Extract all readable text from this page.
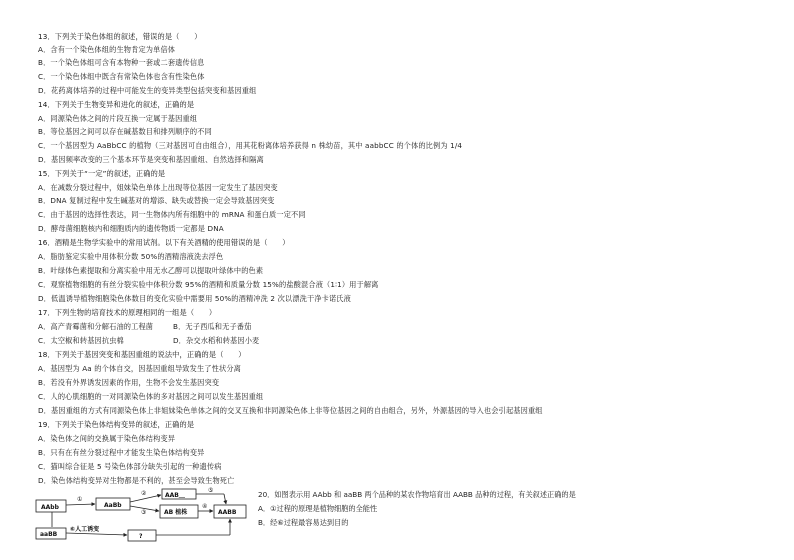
13．下列关于染色体组的叙述，错误的是（　　）
A．含有一个染色体组的生物肯定为单倍体
B．一个染色体组可含有本物种一套或二套遗传信息
C．一个染色体组中既含有常染色体也含有性染色体
D．花药离体培养的过程中可能发生的变异类型包括突变和基因重组
14．下列关于生物变异和进化的叙述，正确的是
A．同源染色体之间的片段互换一定属于基因重组
B．等位基因之间可以存在碱基数目和排列顺序的不同
C．一个基因型为 AaBbCC 的植物（三对基因可自由组合），用其花粉离体培养获得 n 株幼苗，其中 aabbCC 的个体的比例为 1/4
D．基因频率改变的三个基本环节是突变和基因重组、自然选择和隔离
15．下列关于“一定”的叙述，正确的是
A．在减数分裂过程中，姐妹染色单体上出现等位基因一定发生了基因突变
B．DNA 复制过程中发生碱基对的增添、缺失或替换一定会导致基因突变
C．由于基因的选择性表达，同一生物体内所有细胞中的 mRNA 和蛋白质一定不同
D．酵母菌细胞核内和细胞质内的遗传物质一定都是 DNA
16．酒精是生物学实验中的常用试剂。以下有关酒精的使用错误的是（　　）
A．脂肪鉴定实验中用体积分数 50%的酒精溶液洗去浮色
B．叶绿体色素提取和分离实验中用无水乙醇可以提取叶绿体中的色素
C．观察植物细胞的有丝分裂实验中体积分数 95%的酒精和质量分数 15%的盐酸混合液（1∶1）用于解离
D．低温诱导植物细胞染色体数目的变化实验中需要用 50%的酒精冲洗 2 次以漂洗干净卡诺氏液
17．下列生物的培育技术的原理相同的一组是（　　）
A．高产青霉菌和分解石油的工程菌	B．无子西瓜和无子番茄
C．太空椒和转基因抗虫棉	D．杂交水稻和转基因小麦
18．下列关于基因突变和基因重组的说法中，正确的是（　　）
A．基因型为 Aa 的个体自交，因基因重组导致发生了性状分离
B．若没有外界诱发因素的作用，生物不会发生基因突变
C．人的心肌细胞的一对同源染色体的多对基因之间可以发生基因重组
D．基因重组的方式有同源染色体上非姐妹染色单体之间的交叉互换和非同源染色体上非等位基因之间的自由组合，另外，外源基因的导入也会引起基因重组
19．下列关于染色体结构变异的叙述，正确的是
A．染色体之间的交换属于染色体结构变异
B．只有在有丝分裂过程中才能发生染色体结构变异
C．猫叫综合征是 5 号染色体部分缺失引起的一种遗传病
D．染色体结构变异对生物都是不利的，甚至会导致生物死亡
20．如图表示用 AAbb 和 aaBB 两个品种的某农作物培育出 AABB 品种的过程，有关叙述正确的是
A．①过程的原理是植物细胞的全能性
B．经⑥过程最容易达到目的
AAbb	AaBb
AAB＿
AB 植株	AABB
aaBB
⑥人工诱变
?
①
②
③
④
⑤
